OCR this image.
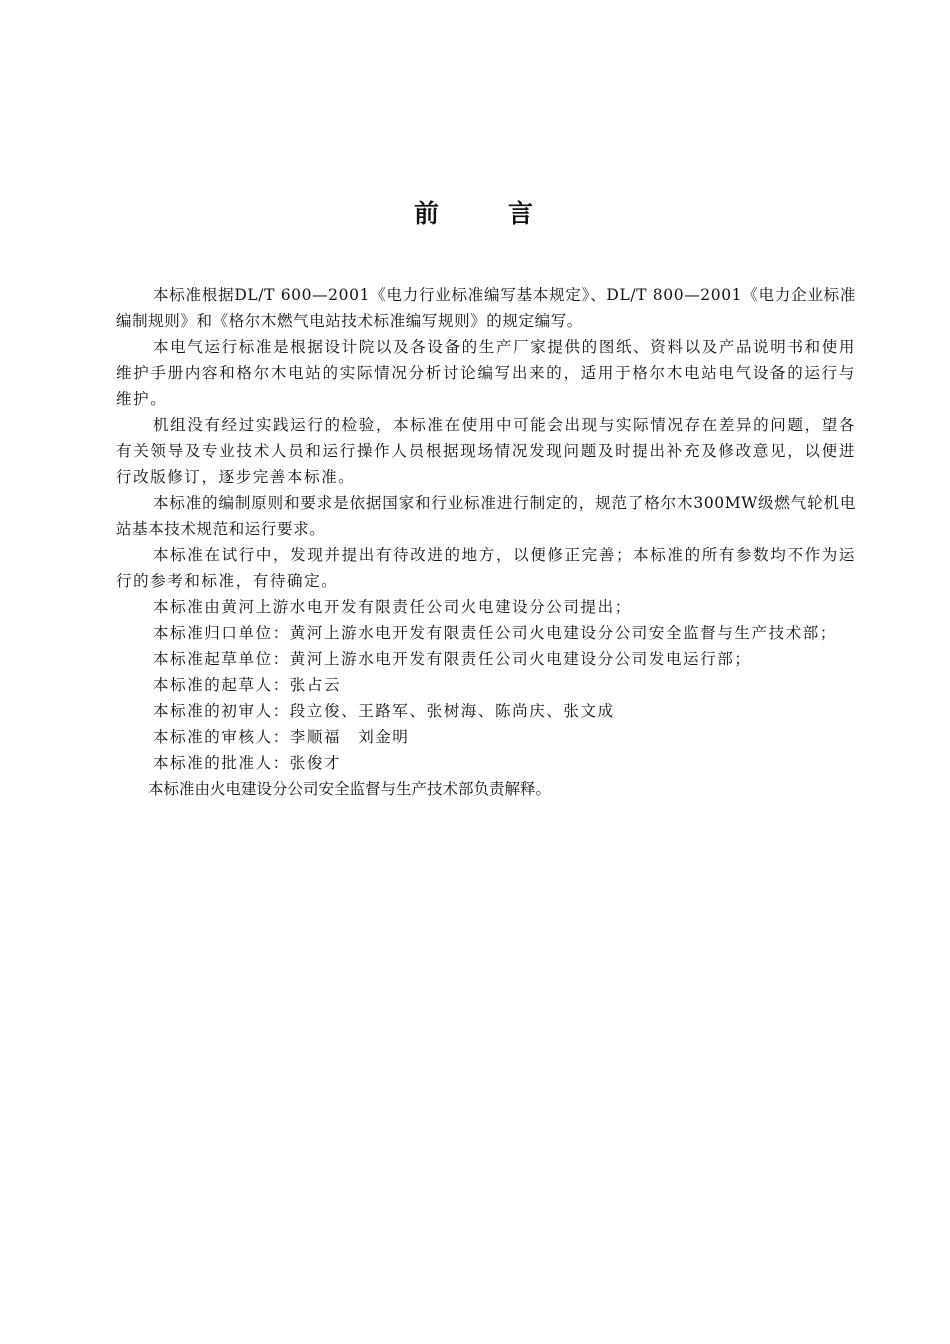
前	言

本标准根据DL/T 600—2001《电力行业标准编写基本规定》、DL/T 800—2001《电力企业标准编制规则》和《格尔木燃气电站技术标准编写规则》的规定编写。

本电气运行标准是根据设计院以及各设备的生产厂家提供的图纸、资料以及产品说明书和使用维护手册内容和格尔木电站的实际情况分析讨论编写出来的，适用于格尔木电站电气设备的运行与维护。

机组没有经过实践运行的检验，本标准在使用中可能会出现与实际情况存在差异的问题，望各有关领导及专业技术人员和运行操作人员根据现场情况发现问题及时提出补充及修改意见，以便进行改版修订，逐步完善本标准。

本标准的编制原则和要求是依据国家和行业标准进行制定的，规范了格尔木300MW级燃气轮机电站基本技术规范和运行要求。

本标准在试行中，发现并提出有待改进的地方，以便修正完善；本标准的所有参数均不作为运行的参考和标准，有待确定。

本标准由黄河上游水电开发有限责任公司火电建设分公司提出；

本标准归口单位：黄河上游水电开发有限责任公司火电建设分公司安全监督与生产技术部；

本标准起草单位：黄河上游水电开发有限责任公司火电建设分公司发电运行部；

本标准的起草人：张占云

本标准的初审人：段立俊、王路军、张树海、陈尚庆、张文成

本标准的审核人：李顺福　刘金明

本标准的批准人：张俊才

本标准由火电建设分公司安全监督与生产技术部负责解释。
